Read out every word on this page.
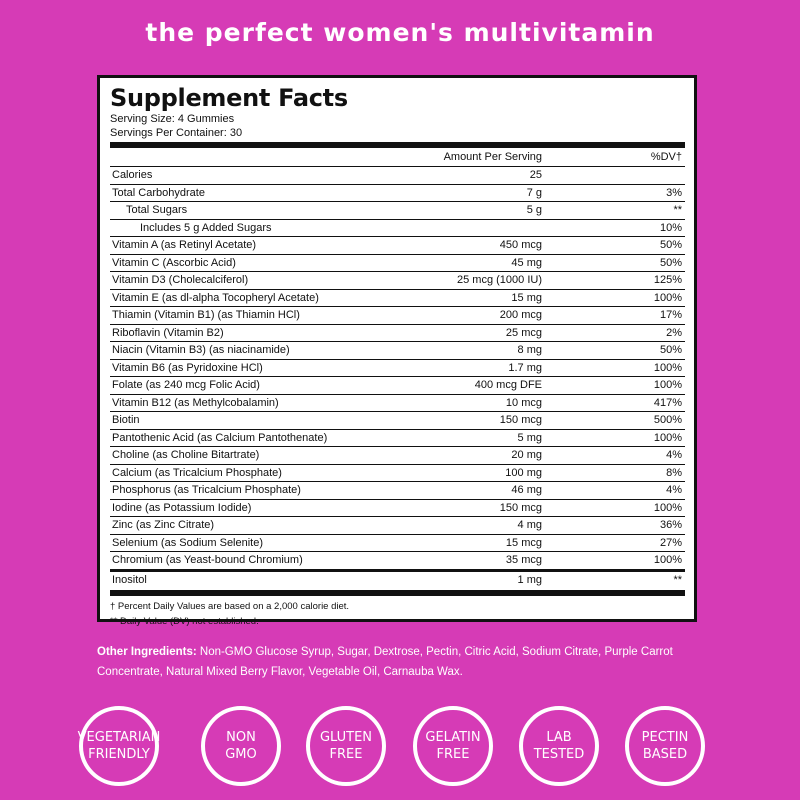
the perfect women's multivitamin
Supplement Facts
Serving Size: 4 Gummies
Servings Per Container: 30
	Amount Per Serving	%DV†
Calories	25	
Total Carbohydrate	7 g	3%
Total Sugars	5 g	**
Includes 5 g Added Sugars		10%
Vitamin A (as Retinyl Acetate)	450 mcg	50%
Vitamin C (Ascorbic Acid)	45 mg	50%
Vitamin D3 (Cholecalciferol)	25 mcg (1000 IU)	125%
Vitamin E (as dl-alpha Tocopheryl Acetate)	15 mg	100%
Thiamin (Vitamin B1) (as Thiamin HCl)	200 mcg	17%
Riboflavin (Vitamin B2)	25 mcg	2%
Niacin (Vitamin B3) (as niacinamide)	8 mg	50%
Vitamin B6 (as Pyridoxine HCl)	1.7 mg	100%
Folate (as 240 mcg Folic Acid)	400 mcg DFE	100%
Vitamin B12 (as Methylcobalamin)	10 mcg	417%
Biotin	150 mcg	500%
Pantothenic Acid (as Calcium Pantothenate)	5 mg	100%
Choline (as Choline Bitartrate)	20 mg	4%
Calcium (as Tricalcium Phosphate)	100 mg	8%
Phosphorus (as Tricalcium Phosphate)	46 mg	4%
Iodine (as Potassium Iodide)	150 mcg	100%
Zinc (as Zinc Citrate)	4 mg	36%
Selenium (as Sodium Selenite)	15 mcg	27%
Chromium (as Yeast-bound Chromium)	35 mcg	100%
Inositol	1 mg	**
† Percent Daily Values are based on a 2,000 calorie diet.
** Daily Value (DV) not established.
Other Ingredients: Non-GMO Glucose Syrup, Sugar, Dextrose, Pectin, Citric Acid, Sodium Citrate, Purple Carrot Concentrate, Natural Mixed Berry Flavor, Vegetable Oil, Carnauba Wax.
VEGETARIAN
FRIENDLY
NON
GMO
GLUTEN
FREE
GELATIN
FREE
LAB
TESTED
PECTIN
BASED
